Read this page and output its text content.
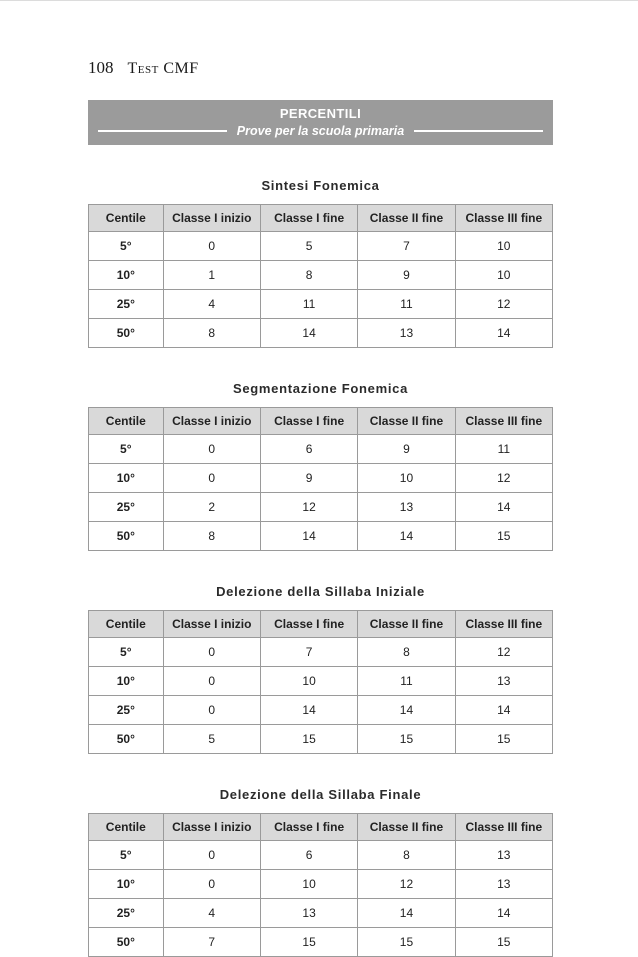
108 Test CMF
PERCENTILI
Prove per la scuola primaria
Sintesi Fonemica
Centile	Classe I inizio	Classe I fine	Classe II fine	Classe III fine
5°	0	5	7	10
10°	1	8	9	10
25°	4	11	11	12
50°	8	14	13	14
Segmentazione Fonemica
Centile	Classe I inizio	Classe I fine	Classe II fine	Classe III fine
5°	0	6	9	11
10°	0	9	10	12
25°	2	12	13	14
50°	8	14	14	15
Delezione della Sillaba Iniziale
Centile	Classe I inizio	Classe I fine	Classe II fine	Classe III fine
5°	0	7	8	12
10°	0	10	11	13
25°	0	14	14	14
50°	5	15	15	15
Delezione della Sillaba Finale
Centile	Classe I inizio	Classe I fine	Classe II fine	Classe III fine
5°	0	6	8	13
10°	0	10	12	13
25°	4	13	14	14
50°	7	15	15	15
